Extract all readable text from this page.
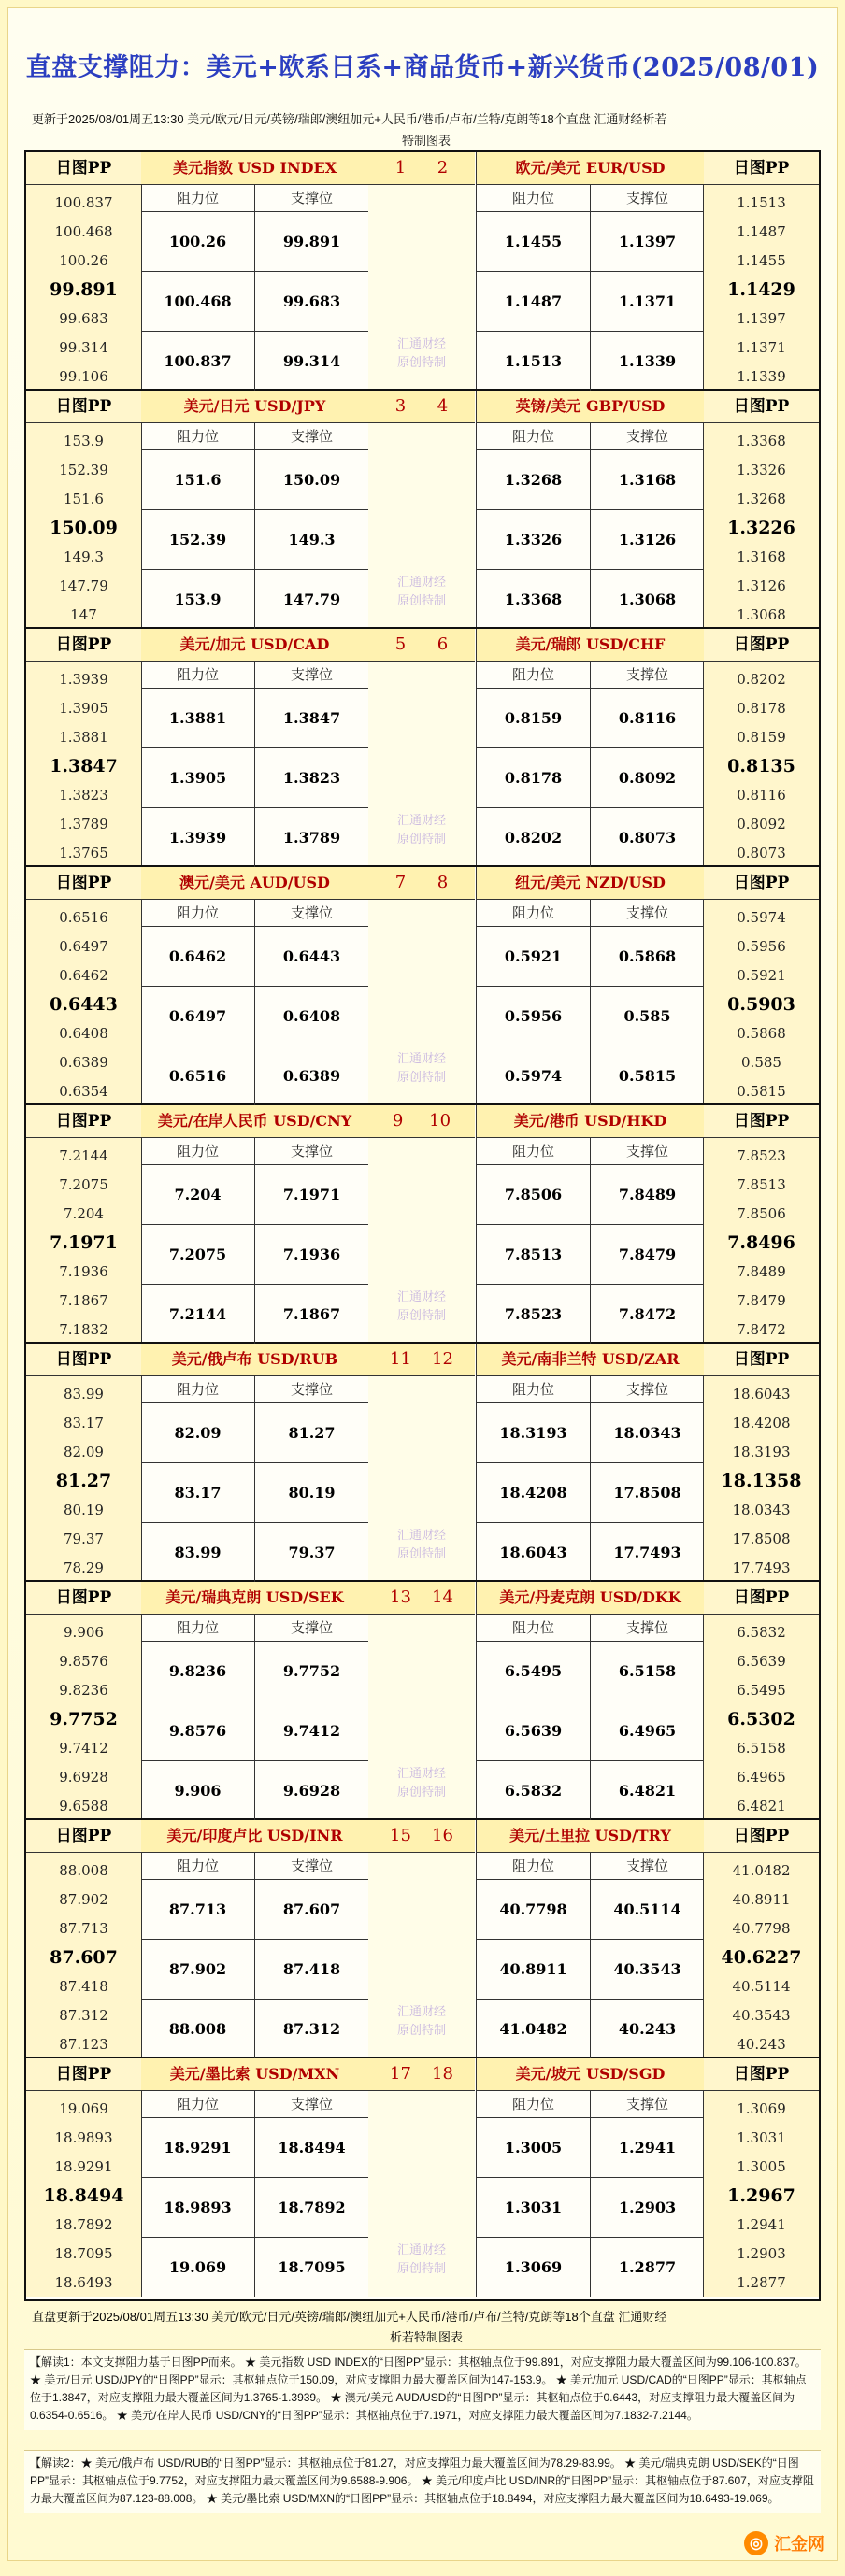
直盘支撑阻力：美元+欧系日系+商品货币+新兴货币(2025/08/01)
更新于2025/08/01周五13:30 美元/欧元/日元/英镑/瑞郎/澳纽加元+人民币/港币/卢布/兰特/克朗等18个直盘 汇通财经析若
特制图表
日图PP
100.837
100.468
100.26
99.891
99.683
99.314
99.106
日图PP
1.1513
1.1487
1.1455
1.1429
1.1397
1.1371
1.1339
美元指数 USD INDEX
阻力位	支撑位
100.26	99.891
100.468	99.683
100.837	99.314
欧元/美元 EUR/USD
阻力位	支撑位
1.1455	1.1397
1.1487	1.1371
1.1513	1.1339
1 2
汇通财经
原创特制
日图PP
153.9
152.39
151.6
150.09
149.3
147.79
147
日图PP
1.3368
1.3326
1.3268
1.3226
1.3168
1.3126
1.3068
美元/日元 USD/JPY
阻力位	支撑位
151.6	150.09
152.39	149.3
153.9	147.79
英镑/美元 GBP/USD
阻力位	支撑位
1.3268	1.3168
1.3326	1.3126
1.3368	1.3068
3 4
汇通财经
原创特制
日图PP
1.3939
1.3905
1.3881
1.3847
1.3823
1.3789
1.3765
日图PP
0.8202
0.8178
0.8159
0.8135
0.8116
0.8092
0.8073
美元/加元 USD/CAD
阻力位	支撑位
1.3881	1.3847
1.3905	1.3823
1.3939	1.3789
美元/瑞郎 USD/CHF
阻力位	支撑位
0.8159	0.8116
0.8178	0.8092
0.8202	0.8073
5 6
汇通财经
原创特制
日图PP
0.6516
0.6497
0.6462
0.6443
0.6408
0.6389
0.6354
日图PP
0.5974
0.5956
0.5921
0.5903
0.5868
0.585
0.5815
澳元/美元 AUD/USD
阻力位	支撑位
0.6462	0.6443
0.6497	0.6408
0.6516	0.6389
纽元/美元 NZD/USD
阻力位	支撑位
0.5921	0.5868
0.5956	0.585
0.5974	0.5815
7 8
汇通财经
原创特制
日图PP
7.2144
7.2075
7.204
7.1971
7.1936
7.1867
7.1832
日图PP
7.8523
7.8513
7.8506
7.8496
7.8489
7.8479
7.8472
美元/在岸人民币 USD/CNY
阻力位	支撑位
7.204	7.1971
7.2075	7.1936
7.2144	7.1867
美元/港币 USD/HKD
阻力位	支撑位
7.8506	7.8489
7.8513	7.8479
7.8523	7.8472
9 10
汇通财经
原创特制
日图PP
83.99
83.17
82.09
81.27
80.19
79.37
78.29
日图PP
18.6043
18.4208
18.3193
18.1358
18.0343
17.8508
17.7493
美元/俄卢布 USD/RUB
阻力位	支撑位
82.09	81.27
83.17	80.19
83.99	79.37
美元/南非兰特 USD/ZAR
阻力位	支撑位
18.3193	18.0343
18.4208	17.8508
18.6043	17.7493
11 12
汇通财经
原创特制
日图PP
9.906
9.8576
9.8236
9.7752
9.7412
9.6928
9.6588
日图PP
6.5832
6.5639
6.5495
6.5302
6.5158
6.4965
6.4821
美元/瑞典克朗 USD/SEK
阻力位	支撑位
9.8236	9.7752
9.8576	9.7412
9.906	9.6928
美元/丹麦克朗 USD/DKK
阻力位	支撑位
6.5495	6.5158
6.5639	6.4965
6.5832	6.4821
13 14
汇通财经
原创特制
日图PP
88.008
87.902
87.713
87.607
87.418
87.312
87.123
日图PP
41.0482
40.8911
40.7798
40.6227
40.5114
40.3543
40.243
美元/印度卢比 USD/INR
阻力位	支撑位
87.713	87.607
87.902	87.418
88.008	87.312
美元/土里拉 USD/TRY
阻力位	支撑位
40.7798	40.5114
40.8911	40.3543
41.0482	40.243
15 16
汇通财经
原创特制
日图PP
19.069
18.9893
18.9291
18.8494
18.7892
18.7095
18.6493
日图PP
1.3069
1.3031
1.3005
1.2967
1.2941
1.2903
1.2877
美元/墨比索 USD/MXN
阻力位	支撑位
18.9291	18.8494
18.9893	18.7892
19.069	18.7095
美元/坡元 USD/SGD
阻力位	支撑位
1.3005	1.2941
1.3031	1.2903
1.3069	1.2877
17 18
汇通财经
原创特制
直盘更新于2025/08/01周五13:30 美元/欧元/日元/英镑/瑞郎/澳纽加元+人民币/港币/卢布/兰特/克朗等18个直盘 汇通财经
析若特制图表
【解读1：本文支撑阻力基于日图PP而来。 ★ 美元指数 USD INDEX的“日图PP”显示：其枢轴点位于99.891，对应支撑阻力最大覆盖区间为99.106-100.837。 ★ 美元/日元 USD/JPY的“日图PP”显示：其枢轴点位于150.09，对应支撑阻力最大覆盖区间为147-153.9。 ★ 美元/加元 USD/CAD的“日图PP”显示：其枢轴点位于1.3847，对应支撑阻力最大覆盖区间为1.3765-1.3939。 ★ 澳元/美元 AUD/USD的“日图PP”显示：其枢轴点位于0.6443，对应支撑阻力最大覆盖区间为0.6354-0.6516。 ★ 美元/在岸人民币 USD/CNY的“日图PP”显示：其枢轴点位于7.1971，对应支撑阻力最大覆盖区间为7.1832-7.2144。
【解读2：★ 美元/俄卢布 USD/RUB的“日图PP”显示：其枢轴点位于81.27，对应支撑阻力最大覆盖区间为78.29-83.99。 ★ 美元/瑞典克朗 USD/SEK的“日图PP”显示：其枢轴点位于9.7752，对应支撑阻力最大覆盖区间为9.6588-9.906。 ★ 美元/印度卢比 USD/INR的“日图PP”显示：其枢轴点位于87.607，对应支撑阻力最大覆盖区间为87.123-88.008。 ★ 美元/墨比索 USD/MXN的“日图PP”显示：其枢轴点位于18.8494，对应支撑阻力最大覆盖区间为18.6493-19.069。
◎ 汇金网
